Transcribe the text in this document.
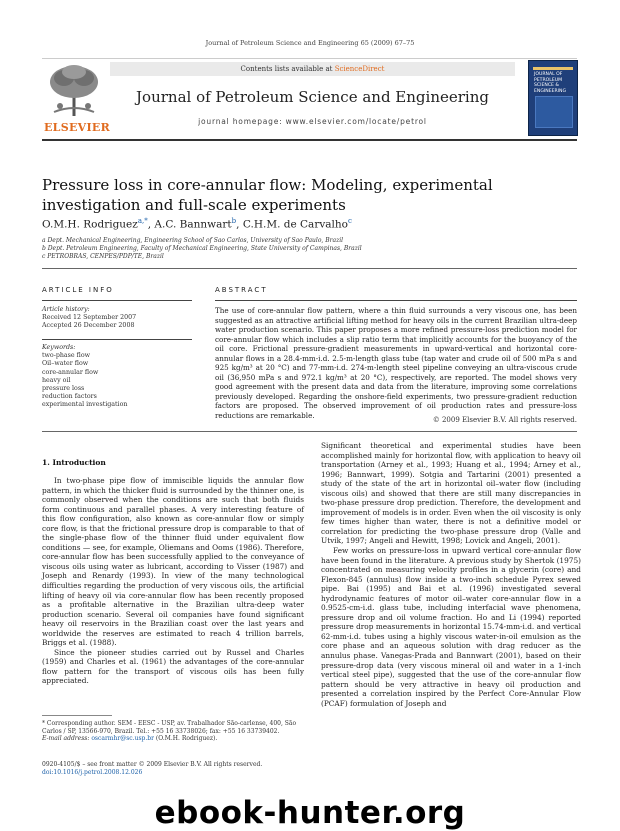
Journal of Petroleum Science and Engineering 65 (2009) 67–75
ELSEVIER
Contents lists available at ScienceDirect
Journal of Petroleum Science and Engineering
journal homepage: www.elsevier.com/locate/petrol
JOURNAL OF PETROLEUM SCIENCE & ENGINEERING
Pressure loss in core-annular flow: Modeling, experimental investigation and full-scale experiments
O.M.H. Rodriguez$^{a,*}$, A.C. Bannwart$^b$, C.H.M. de Carvalho$^c$
a Dept. Mechanical Engineering, Engineering School of Sao Carlos, University of Sao Paulo, Brazil
b Dept. Petroleum Engineering, Faculty of Mechanical Engineering, State University of Campinas, Brazil
c PETROBRAS, CENPES/PDP/TE, Brazil
ARTICLE INFO
Article history:
Received 12 September 2007
Accepted 26 December 2008
Keywords:
two-phase flow
Oil–water flow
core-annular flow
heavy oil
pressure loss
reduction factors
experimental investigation
ABSTRACT
The use of core-annular flow pattern, where a thin fluid surrounds a very viscous one, has been suggested as an attractive artificial lifting method for heavy oils in the current Brazilian ultra-deep water production scenario. This paper proposes a more refined pressure-loss prediction model for core-annular flow which includes a slip ratio term that implicitly accounts for the buoyancy of the oil core. Frictional pressure-gradient measurements in upward-vertical and horizontal core-annular flows in a 28.4-mm-i.d. 2.5-m-length glass tube (tap water and crude oil of 500 mPa s and 925 kg/m³ at 20 °C) and 77-mm-i.d. 274-m-length steel pipeline conveying an ultra-viscous crude oil (36,950 mPa s and 972.1 kg/m³ at 20 °C), respectively, are reported. The model shows very good agreement with the present data and data from the literature, improving some correlations previously developed. Regarding the onshore-field experiments, two pressure-gradient reduction factors are proposed. The observed improvement of oil production rates and pressure-loss reductions are remarkable.
© 2009 Elsevier B.V. All rights reserved.
1. Introduction

In two-phase pipe flow of immiscible liquids the annular flow pattern, in which the thicker fluid is surrounded by the thinner one, is commonly observed when the conditions are such that both fluids form continuous and parallel phases. A very interesting feature of this flow configuration, also known as core-annular flow or simply core flow, is that the frictional pressure drop is comparable to that of the single-phase flow of the thinner fluid under equivalent flow conditions — see, for example, Oliemans and Ooms (1986). Therefore, core-annular flow has been successfully applied to the conveyance of viscous oils using water as lubricant, according to Visser (1987) and Joseph and Renardy (1993). In view of the many technological difficulties regarding the production of very viscous oils, the artificial lifting of heavy oil via core-annular flow has been recently proposed as a profitable alternative in the Brazilian ultra-deep water production scenario. Several oil companies have found significant heavy oil reservoirs in the Brazilian coast over the last years and worldwide the reserves are estimated to reach 4 trillion barrels, Briggs et al. (1988).

Since the pioneer studies carried out by Russel and Charles (1959) and Charles et al. (1961) the advantages of the core-annular flow pattern for the transport of viscous oils has been fully appreciated.

Significant theoretical and experimental studies have been accomplished mainly for horizontal flow, with application to heavy oil transportation (Arney et al., 1993; Huang et al., 1994; Arney et al., 1996; Bannwart, 1999). Sotgia and Tartarini (2001) presented a study of the state of the art in horizontal oil–water flow (including viscous oils) and showed that there are still many discrepancies in two-phase pressure drop prediction. Therefore, the development and improvement of models is in order. Even when the oil viscosity is only few times higher than water, there is not a definitive model or correlation for predicting the two-phase pressure drop (Valle and Utvik, 1997; Angeli and Hewitt, 1998; Lovick and Angeli, 2001).

Few works on pressure-loss in upward vertical core-annular flow have been found in the literature. A previous study by Shertok (1975) concentrated on measuring velocity profiles in a glycerin (core) and Flexon-845 (annulus) flow inside a two-inch schedule Pyrex sewed pipe. Bai (1995) and Bai et al. (1996) investigated several hydrodynamic features of motor oil–water core-annular flow in a 0.9525-cm-i.d. glass tube, including interfacial wave phenomena, pressure drop and oil volume fraction. Ho and Li (1994) reported pressure drop measurements in horizontal 15.74-mm-i.d. and vertical 62-mm-i.d. tubes using a highly viscous water-in-oil emulsion as the core phase and an aqueous solution with drag reducer as the annulus phase. Vanegas-Prada and Bannwart (2001), based on their pressure-drop data (very viscous mineral oil and water in a 1-inch vertical steel pipe), suggested that the use of the core-annular flow pattern should be very attractive in heavy oil production and presented a correlation inspired by the Perfect Core-Annular Flow (PCAF) formulation of Joseph and

* Corresponding author. SEM - EESC - USP, av. Trabalhador São-carlense, 400, São Carlos / SP, 13566-970, Brazil. Tel.: +55 16 33738026; fax: +55 16 33739402.
E-mail address: oscarmhr@sc.usp.br (O.M.H. Rodriguez).
0920-4105/$ – see front matter © 2009 Elsevier B.V. All rights reserved.
doi:10.1016/j.petrol.2008.12.026
ebook-hunter.org
